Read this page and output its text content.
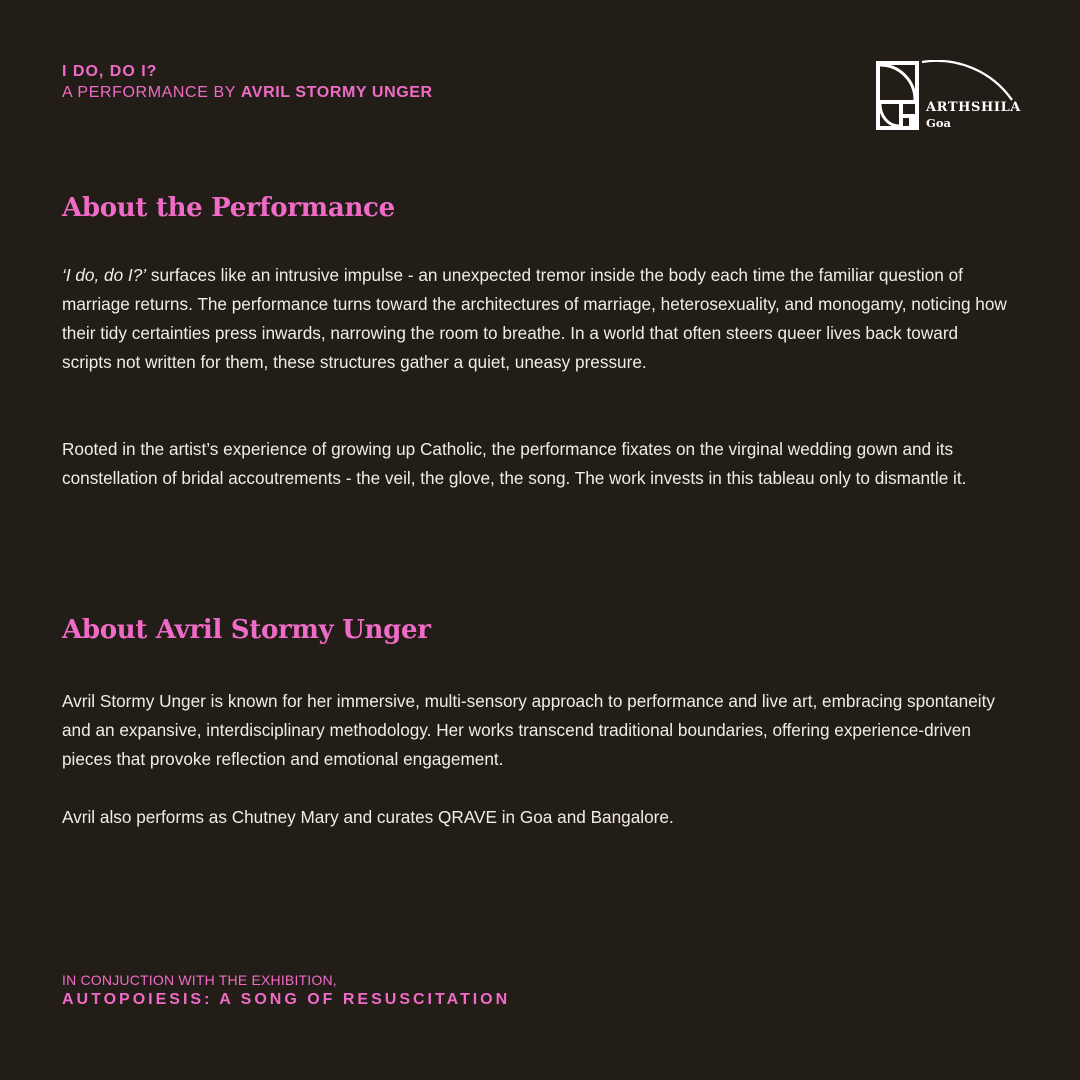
I DO, DO I?
A PERFORMANCE BY AVRIL STORMY UNGER
ARTHSHILA
Goa
About the Performance

‘I do, do I?’ surfaces like an intrusive impulse - an unexpected tremor inside the body each time the familiar question of marriage returns. The performance turns toward the architectures of marriage, heterosexuality, and monogamy, noticing how their tidy certainties press inwards, narrowing the room to breathe. In a world that often steers queer lives back toward scripts not written for them, these structures gather a quiet, uneasy pressure.

Rooted in the artist’s experience of growing up Catholic, the performance fixates on the virginal wedding gown and its constellation of bridal accoutrements - the veil, the glove, the song. The work invests in this tableau only to dismantle it.

About Avril Stormy Unger

Avril Stormy Unger is known for her immersive, multi-sensory approach to performance and live art, embracing spontaneity and an expansive, interdisciplinary methodology. Her works transcend traditional boundaries, offering experience-driven pieces that provoke reflection and emotional engagement.

Avril also performs as Chutney Mary and curates QRAVE in Goa and Bangalore.

IN CONJUCTION WITH THE EXHIBITION,
AUTOPOIESIS: A SONG OF RESUSCITATION
